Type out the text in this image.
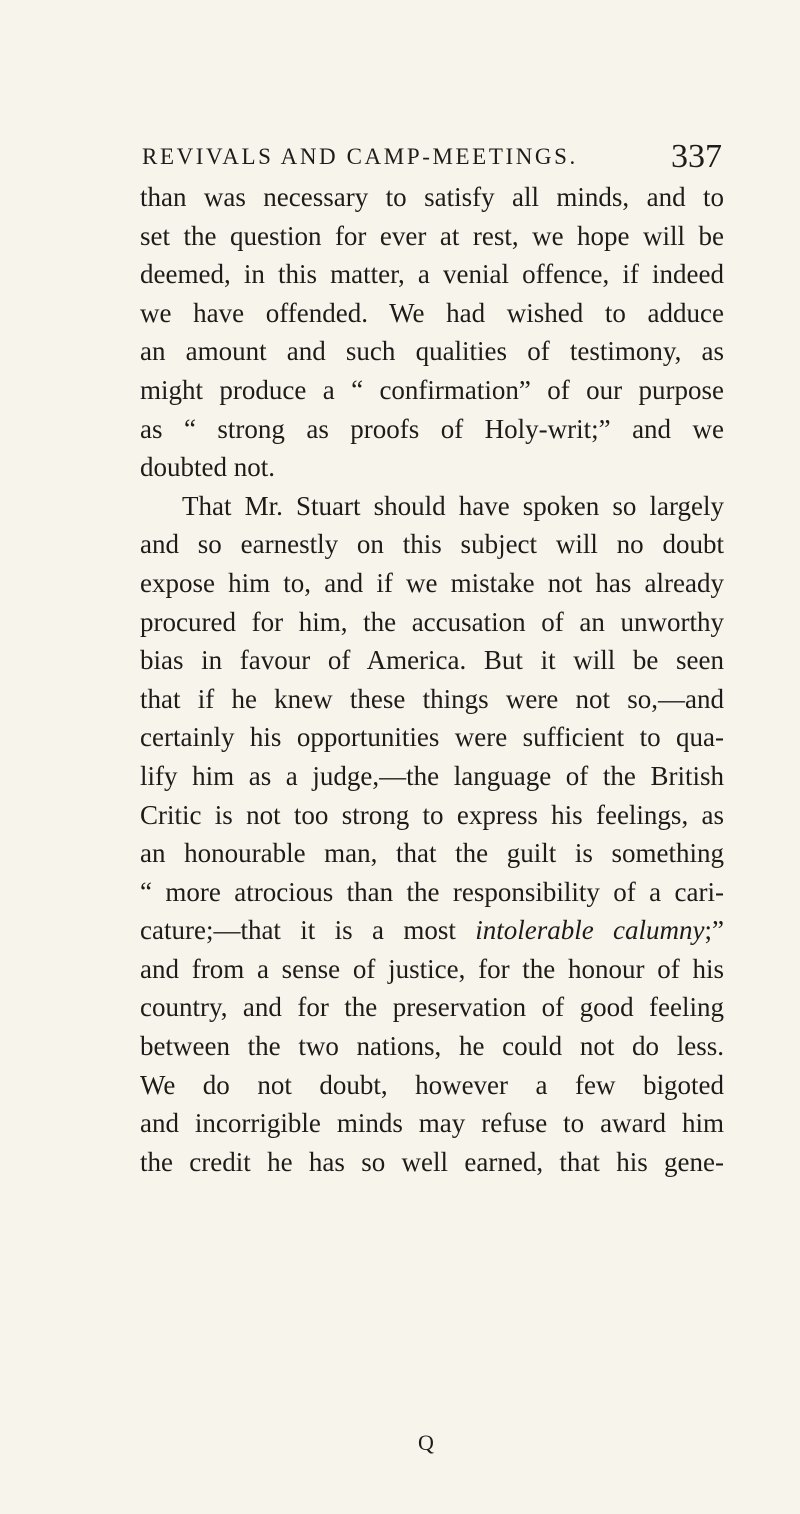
REVIVALS AND CAMP-MEETINGS.	337
than was necessary to satisfy all minds, and to
set the question for ever at rest, we hope will be
deemed, in this matter, a venial offence, if indeed
we have offended. We had wished to adduce
an amount and such qualities of testimony, as
might produce a “ confirmation” of our purpose
as “ strong as proofs of Holy-writ;” and we
doubted not.
That Mr. Stuart should have spoken so largely
and so earnestly on this subject will no doubt
expose him to, and if we mistake not has already
procured for him, the accusation of an unworthy
bias in favour of America. But it will be seen
that if he knew these things were not so,—and
certainly his opportunities were sufficient to qua-
lify him as a judge,—the language of the British
Critic is not too strong to express his feelings, as
an honourable man, that the guilt is something
“ more atrocious than the responsibility of a cari-
cature;—that it is a most intolerable calumny;”
and from a sense of justice, for the honour of his
country, and for the preservation of good feeling
between the two nations, he could not do less.
We do not doubt, however a few bigoted
and incorrigible minds may refuse to award him
the credit he has so well earned, that his gene-
Q
